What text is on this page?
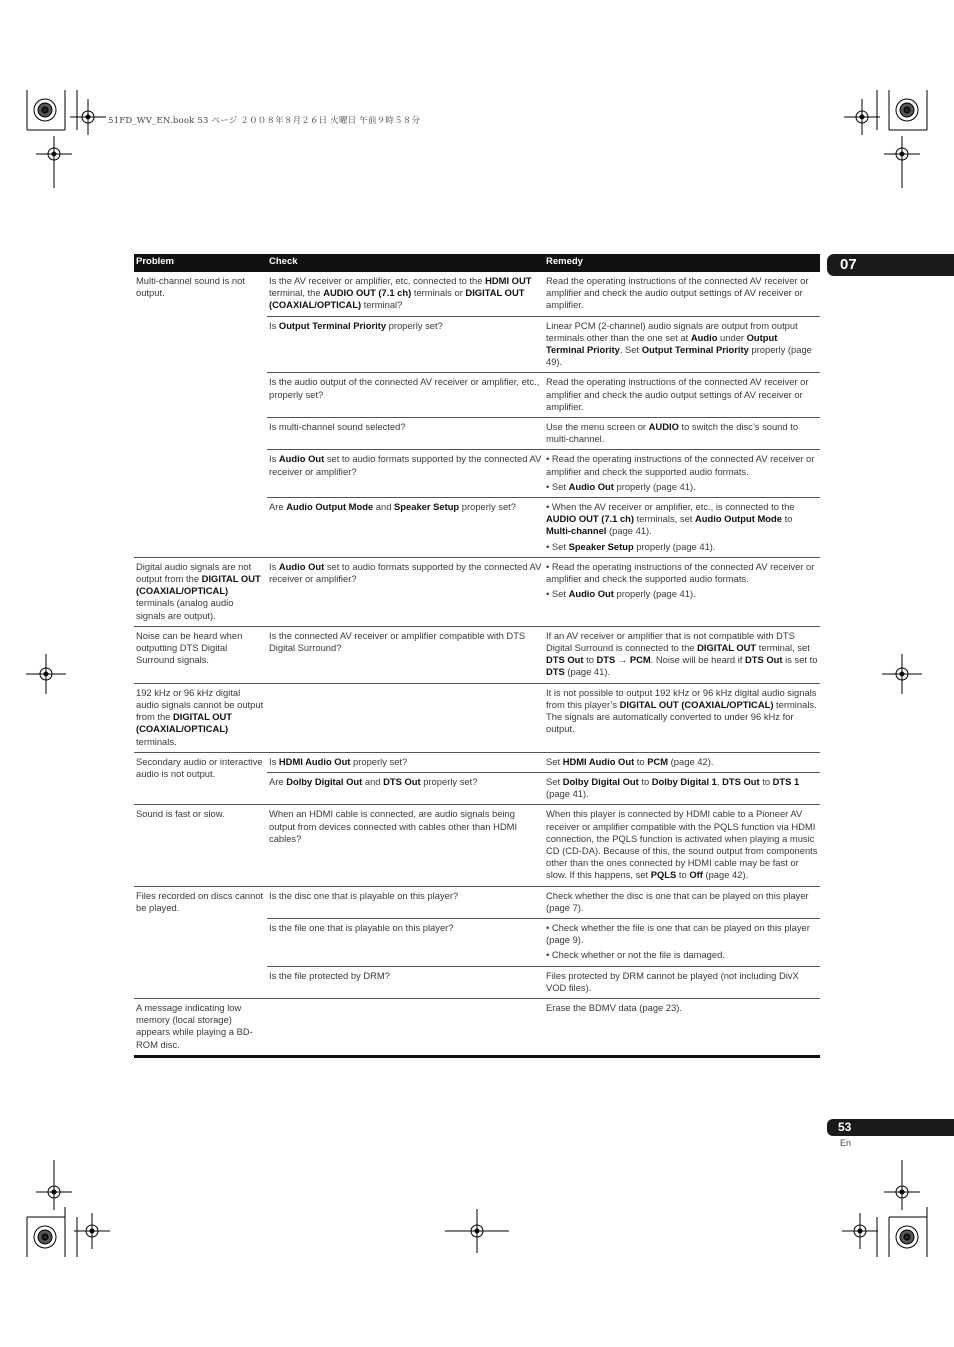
51FD_WV_EN.book 53 ページ ２００８年８月２６日 火曜日 午前９時５８分
07
Problem	Check	Remedy
Multi-channel sound is not output.	Is the AV receiver or amplifier, etc. connected to the HDMI OUT terminal, the AUDIO OUT (7.1 ch) terminals or DIGITAL OUT (COAXIAL/OPTICAL) terminal?	Read the operating instructions of the connected AV receiver or amplifier and check the audio output settings of AV receiver or amplifier.
	Is Output Terminal Priority properly set?	Linear PCM (2-channel) audio signals are output from output terminals other than the one set at Audio under Output Terminal Priority. Set Output Terminal Priority properly (page 49).
	Is the audio output of the connected AV receiver or amplifier, etc., properly set?	Read the operating instructions of the connected AV receiver or amplifier and check the audio output settings of AV receiver or amplifier.
	Is multi-channel sound selected?	Use the menu screen or AUDIO to switch the disc’s sound to multi-channel.
	Is Audio Out set to audio formats supported by the connected AV receiver or amplifier?	• Read the operating instructions of the connected AV receiver or amplifier and check the supported audio formats.
• Set Audio Out properly (page 41).

	Are Audio Output Mode and Speaker Setup properly set?	• When the AV receiver or amplifier, etc., is connected to the AUDIO OUT (7.1 ch) terminals, set Audio Output Mode to Multi-channel (page 41).
• Set Speaker Setup properly (page 41).

Digital audio signals are not output from the DIGITAL OUT (COAXIAL/OPTICAL) terminals (analog audio signals are output).	Is Audio Out set to audio formats supported by the connected AV receiver or amplifier?	• Read the operating instructions of the connected AV receiver or amplifier and check the supported audio formats.
• Set Audio Out properly (page 41).

Noise can be heard when outputting DTS Digital Surround signals.	Is the connected AV receiver or amplifier compatible with DTS Digital Surround?	If an AV receiver or amplifier that is not compatible with DTS Digital Surround is connected to the DIGITAL OUT terminal, set DTS Out to DTS → PCM. Noise will be heard if DTS Out is set to DTS (page 41).
192 kHz or 96 kHz digital audio signals cannot be output from the DIGITAL OUT (COAXIAL/OPTICAL) terminals.		It is not possible to output 192 kHz or 96 kHz digital audio signals from this player’s DIGITAL OUT (COAXIAL/OPTICAL) terminals. The signals are automatically converted to under 96 kHz for output.
Secondary audio or interactive audio is not output.	Is HDMI Audio Out properly set?	Set HDMI Audio Out to PCM (page 42).
	Are Dolby Digital Out and DTS Out properly set?	Set Dolby Digital Out to Dolby Digital 1, DTS Out to DTS 1 (page 41).
Sound is fast or slow.	When an HDMI cable is connected, are audio signals being output from devices connected with cables other than HDMI cables?	When this player is connected by HDMI cable to a Pioneer AV receiver or amplifier compatible with the PQLS function via HDMI connection, the PQLS function is activated when playing a music CD (CD-DA). Because of this, the sound output from components other than the ones connected by HDMI cable may be fast or slow. If this happens, set PQLS to Off (page 42).
Files recorded on discs cannot be played.	Is the disc one that is playable on this player?	Check whether the disc is one that can be played on this player (page 7).
	Is the file one that is playable on this player?	• Check whether the file is one that can be played on this player (page 9).
• Check whether or not the file is damaged.

	Is the file protected by DRM?	Files protected by DRM cannot be played (not including DivX VOD files).
A message indicating low memory (local storage) appears while playing a BD-ROM disc.		Erase the BDMV data (page 23).
53
En
